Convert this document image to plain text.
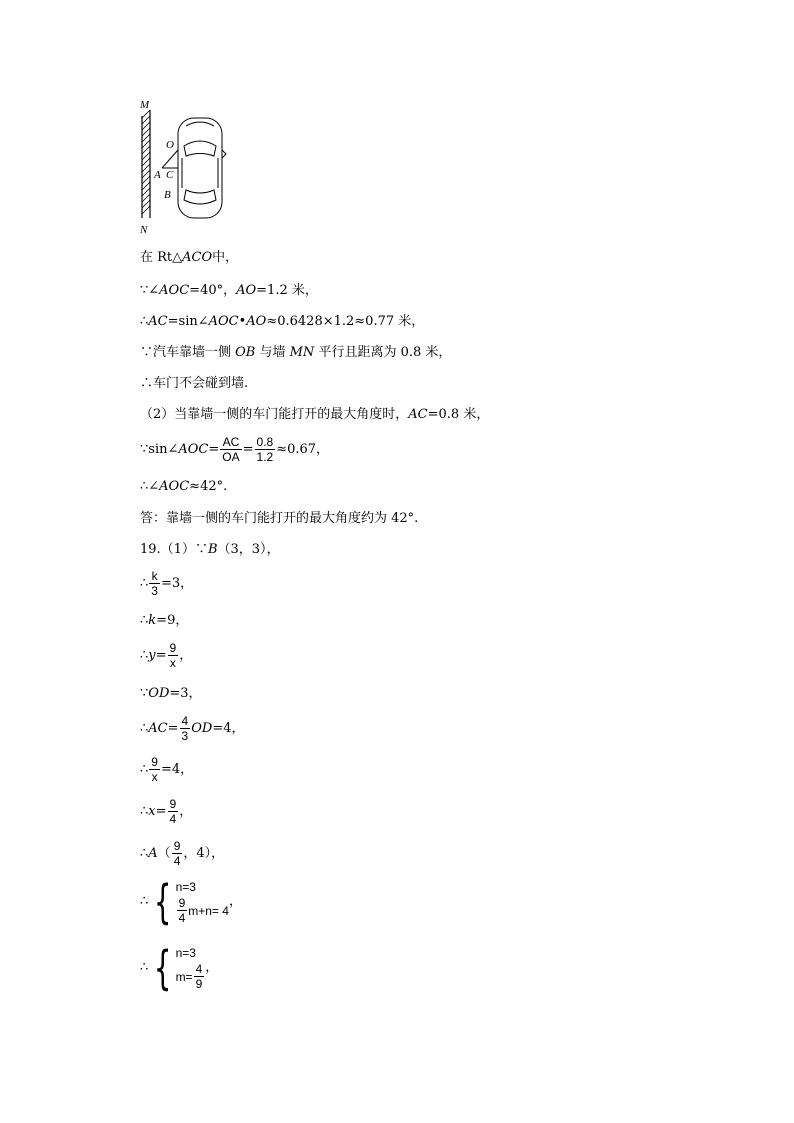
M
N
O
A C
B
在 Rt△ACO中，
∵∠AOC=40°，AO=1.2 米，
∴AC=sin∠AOC•AO≈0.6428×1.2≈0.77 米，
∵汽车靠墙一侧 OB 与墙 MN 平行且距离为 0.8 米，
∴车门不会碰到墙.
（2）当靠墙一侧的车门能打开的最大角度时，AC=0.8 米，
∵sin∠AOC= $\frac{AC}{OA} = \frac{0.8}{1.2} \approx 0.67$，
∴∠AOC≈42°.
答：靠墙一侧的车门能打开的最大角度约为 42°.
19.（1）∵B（3，3），
∴ $\frac{k}{3} =3$，
∴k=9，
∴y= $\frac{9}{x}$ ，
∵OD=3，
∴AC= $\frac{4}{3} OD=4$，
∴ $\frac{9}{x} =4$，
∴x= $\frac{9}{4}$ ，
∴A（ $\frac{9}{4}$ ，4），
∴ { n=3
$\frac{9}{4} m+n= 4$
，
∴ { n=3
$m= \frac{4}{9}$ ，
